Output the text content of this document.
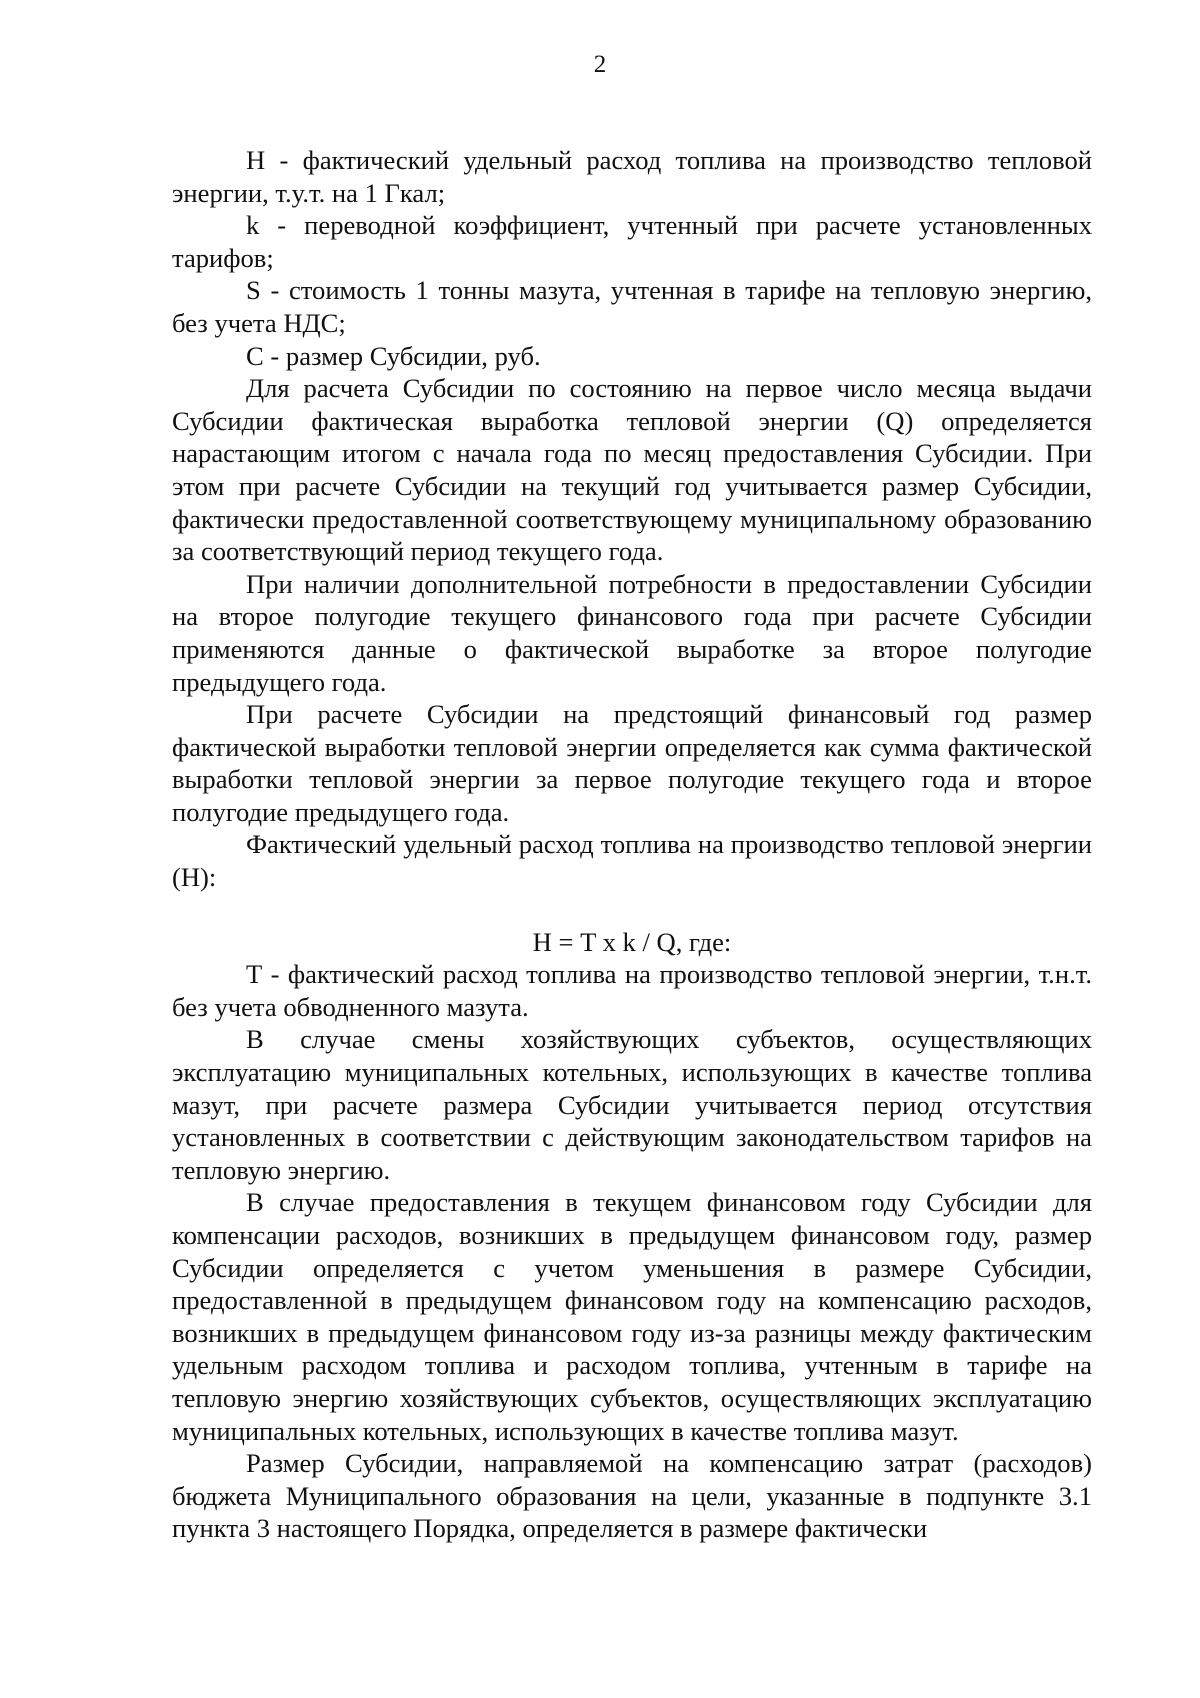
2

Н - фактический удельный расход топлива на производство тепловой энергии, т.у.т. на 1 Гкал;

k - переводной коэффициент, учтенный при расчете установленных тарифов;

S - стоимость 1 тонны мазута, учтенная в тарифе на тепловую энергию, без учета НДС;

С - размер Субсидии, руб.

Для расчета Субсидии по состоянию на первое число месяца выдачи Субсидии фактическая выработка тепловой энергии (Q) определяется нарастающим итогом с начала года по месяц предоставления Субсидии. При этом при расчете Субсидии на текущий год учитывается размер Субсидии, фактически предоставленной соответствующему муниципальному образованию за соответствующий период текущего года.

При наличии дополнительной потребности в предоставлении Субсидии на второе полугодие текущего финансового года при расчете Субсидии применяются данные о фактической выработке за второе полугодие предыдущего года.

При расчете Субсидии на предстоящий финансовый год размер фактической выработки тепловой энергии определяется как сумма фактической выработки тепловой энергии за первое полугодие текущего года и второе полугодие предыдущего года.

Фактический удельный расход топлива на производство тепловой энергии (Н):

Н = T x k / Q, где:

Т - фактический расход топлива на производство тепловой энергии, т.н.т. без учета обводненного мазута.

В случае смены хозяйствующих субъектов, осуществляющих эксплуатацию муниципальных котельных, использующих в качестве топлива мазут, при расчете размера Субсидии учитывается период отсутствия установленных в соответствии с действующим законодательством тарифов на тепловую энергию.

В случае предоставления в текущем финансовом году Субсидии для компенсации расходов, возникших в предыдущем финансовом году, размер Субсидии определяется с учетом уменьшения в размере Субсидии, предоставленной в предыдущем финансовом году на компенсацию расходов, возникших в предыдущем финансовом году из-за разницы между фактическим удельным расходом топлива и расходом топлива, учтенным в тарифе на тепловую энергию хозяйствующих субъектов, осуществляющих эксплуатацию муниципальных котельных, использующих в качестве топлива мазут.

Размер Субсидии, направляемой на компенсацию затрат (расходов) бюджета Муниципального образования на цели, указанные в подпункте 3.1 пункта 3 настоящего Порядка, определяется в размере фактически
